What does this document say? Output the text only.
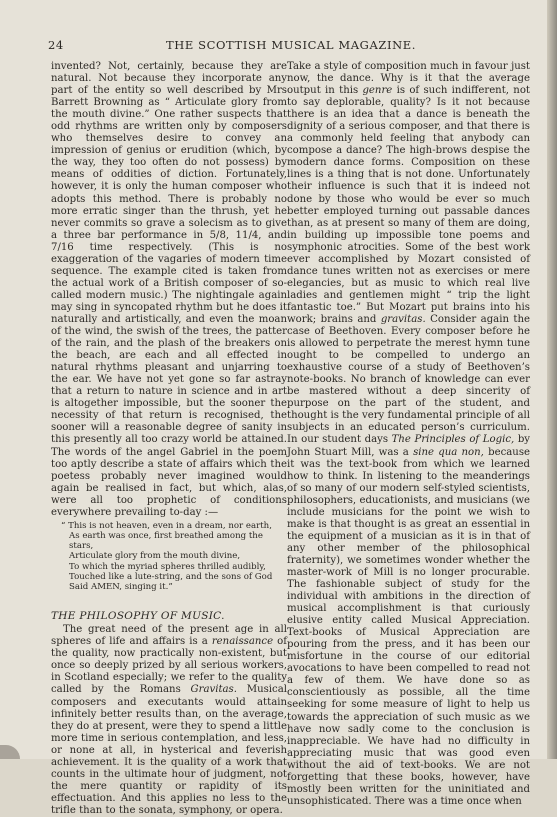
24	THE SCOTTISH MUSICAL MAGAZINE.

invented? Not, certainly, because they are natural. Not because they incorporate any part of the entity so well described by Mrs Barrett Browning as “ Articulate glory from the mouth divine.” One rather suspects that odd rhythms are written only by composers who themselves desire to convey an impression of genius or erudition (which, by the way, they too often do not possess) by means of oddities of diction. Fortunately, however, it is only the human composer who adopts this method. There is probably no more erratic singer than the thrush, yet he never commits so grave a solecism as to give a three bar performance in 5/8, 11/4, and 7/16 time respectively. (This is no exaggeration of the vagaries of modern time sequence. The example cited is taken from the actual work of a British composer of so-called modern music.) The nightingale again may sing in syncopated rhythm but he does it naturally and artistically, and even the moan of the wind, the swish of the trees, the patter of the rain, and the plash of the breakers on the beach, are each and all effected in natural rhythms pleasant and unjarring to the ear. We have not yet gone so far astray that a return to nature in science and in art is altogether impossible, but the sooner the necessity of that return is recognised, the sooner will a reasonable degree of sanity in this presently all too crazy world be attained. The words of the angel Gabriel in the poem too aptly describe a state of affairs which the poetess probably never imagined would again be realised in fact, but which, alas, were all too prophetic of conditions everywhere prevailing to-day :—

“ This is not heaven, even in a dream, nor earth,
As earth was once, first breathed among the stars,
Articulate glory from the mouth divine,
To which the myriad spheres thrilled audibly,
Touched like a lute-string, and the sons of God
Said AMEN, singing it.”
THE PHILOSOPHY OF MUSIC.

The great need of the present age in all spheres of life and affairs is a renaissance of the quality, now practically non-existent, but once so deeply prized by all serious workers, in Scotland especially; we refer to the quality called by the Romans Gravitas. Musical composers and executants would attain infinitely better results than, on the average, they do at present, were they to spend a little more time in serious contemplation, and less, or none at all, in hysterical and feverish achievement. It is the quality of a work that counts in the ultimate hour of judgment, not the mere quantity or rapidity of its effectuation. And this applies no less to the trifle than to the sonata, symphony, or opera.

Take a style of composition much in favour just now, the dance. Why is it that the average output in this genre is of such indifferent, not to say deplorable, quality? Is it not because there is an idea that a dance is beneath the dignity of a serious composer, and that there is a commonly held feeling that anybody can compose a dance? The high-brows despise the modern dance forms. Composition on these lines is a thing that is not done. Unfortunately their influence is such that it is indeed not done by those who would be ever so much better employed turning out passable dances than, as at present so many of them are doing, in building up impossible tone poems and symphonic atrocities. Some of the best work ever accomplished by Mozart consisted of dance tunes written not as exercises or mere elegancies, but as music to which real live ladies and gentlemen might “ trip the light fantastic toe.” But Mozart put brains into his work; brains and gravitas. Consider again the case of Beethoven. Every composer before he is allowed to perpetrate the merest hymn tune ought to be compelled to undergo an exhaustive course of a study of Beethoven’s note-books. No branch of knowledge can ever be mastered without a deep sincerity of purpose on the part of the student, and thought is the very fundamental principle of all subjects in an educated person’s curriculum. In our student days The Principles of Logic, by John Stuart Mill, was a sine qua non, because it was the text-book from which we learned how to think. In listening to the meanderings of so many of our modern self-styled scientists, philosophers, educationists, and musicians (we include musicians for the point we wish to make is that thought is as great an essential in the equipment of a musician as it is in that of any other member of the philosophical fraternity), we sometimes wonder whether the master-work of Mill is no longer procurable. The fashionable subject of study for the individual with ambitions in the direction of musical accomplishment is that curiously elusive entity called Musical Appreciation. Text-books of Musical Appreciation are pouring from the press, and it has been our misfortune in the course of our editorial avocations to have been compelled to read not a few of them. We have done so as conscientiously as possible, all the time seeking for some measure of light to help us towards the appreciation of such music as we have now sadly come to the conclusion is inappreciable. We have had no difficulty in appreciating music that was good even without the aid of text-books. We are not forgetting that these books, however, have mostly been written for the uninitiated and unsophisticated. There was a time once when
